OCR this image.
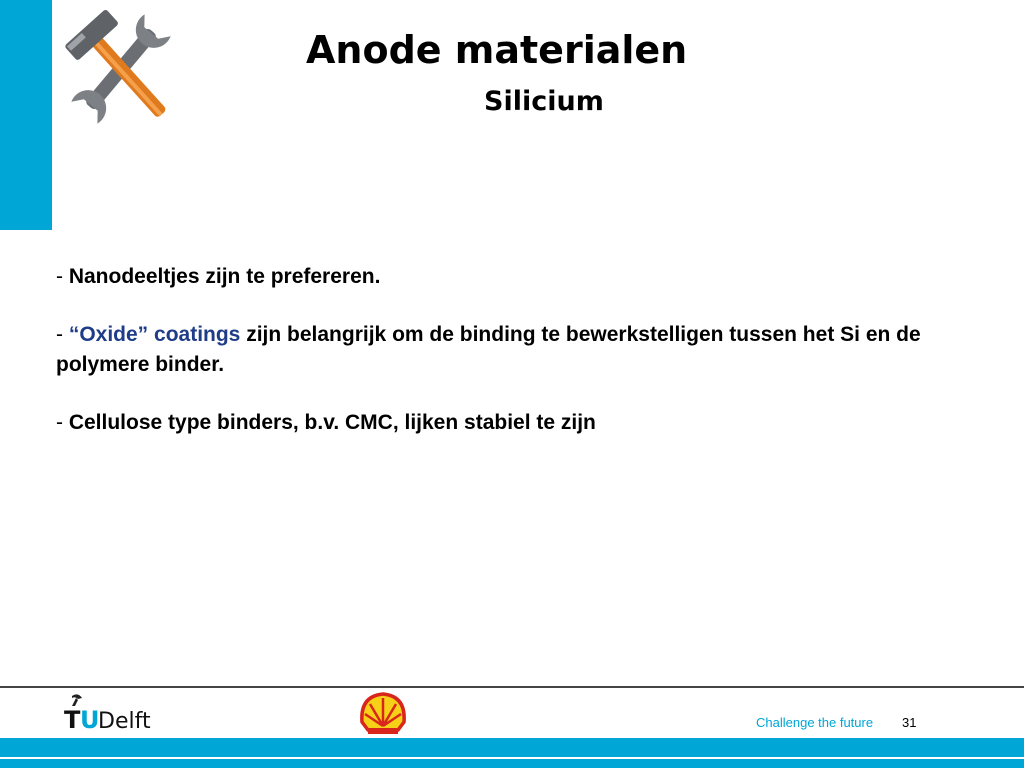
Anode materialen
Silicium

- Nanodeeltjes zijn te prefereren.

- “Oxide” coatings zijn belangrijk om de binding te bewerkstelligen tussen het Si en de polymere binder.

- Cellulose type binders, b.v. CMC, lijken stabiel te zijn

T U
Delft	Challenge the future 31
